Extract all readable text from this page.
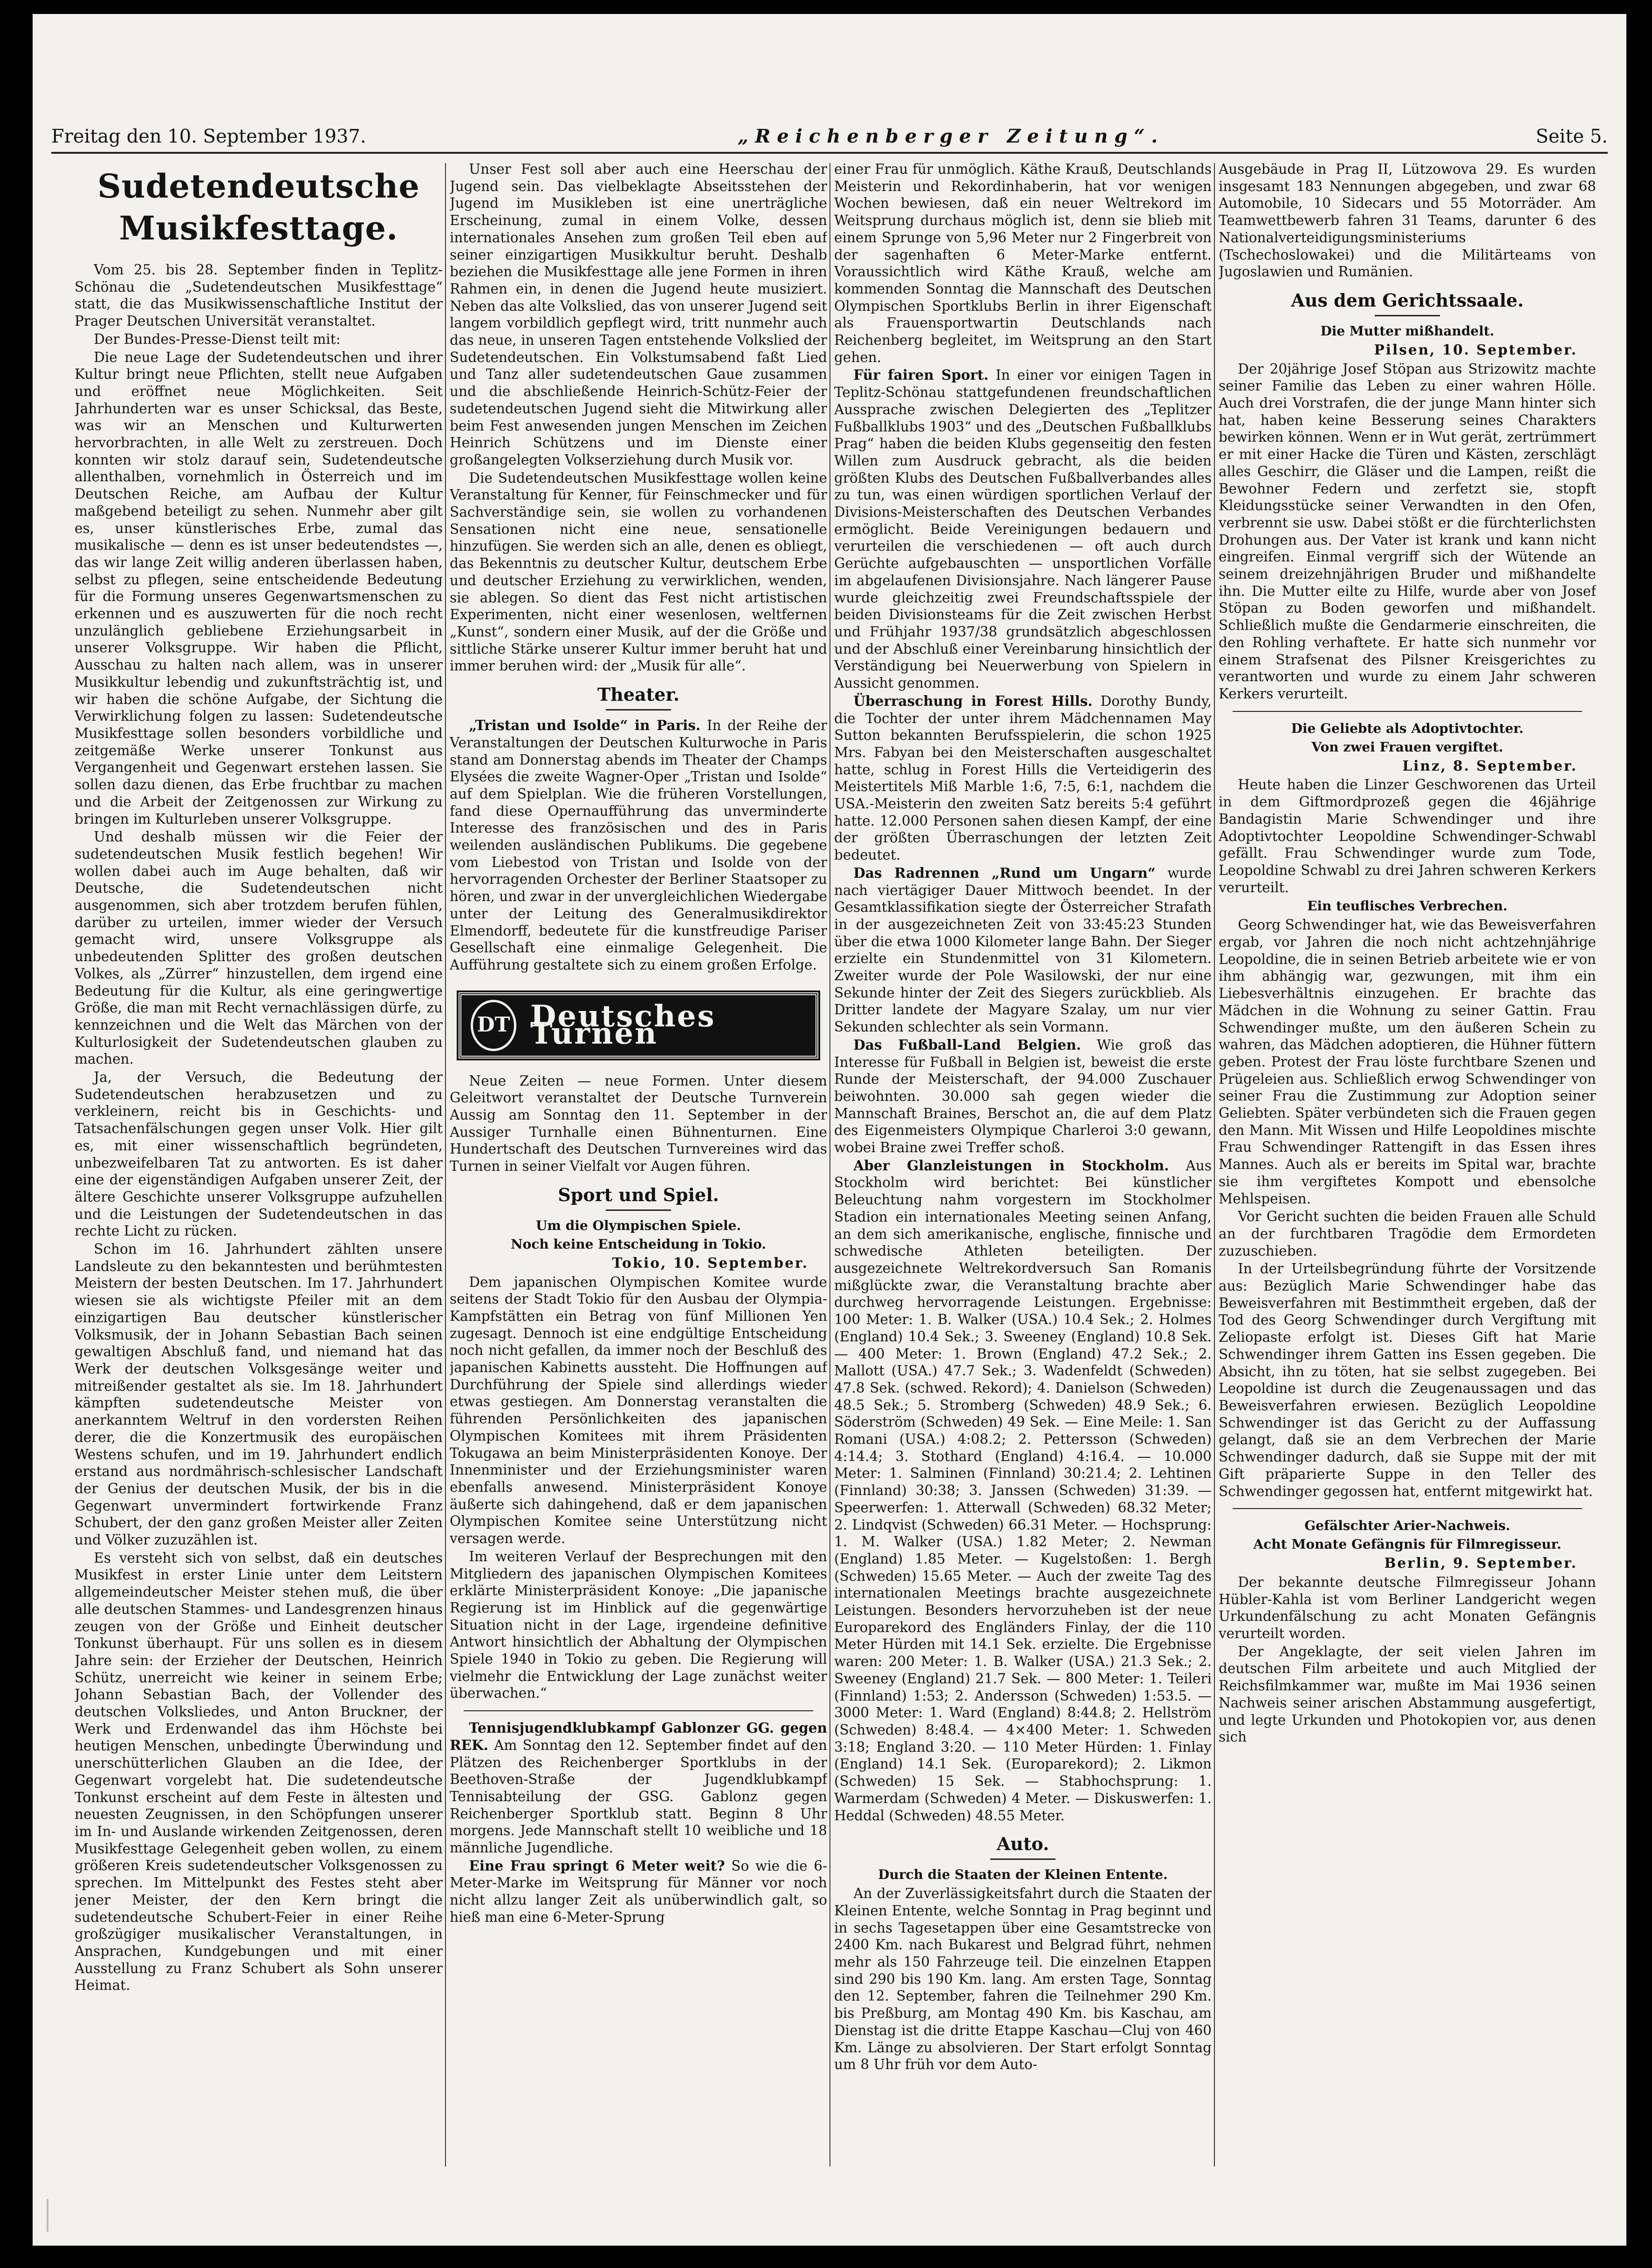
Freitag den 10. September 1937.	„Reichenberger Zeitung“.	Seite 5.
Sudetendeutsche Musikfesttage.

Vom 25. bis 28. September finden in Teplitz-Schönau die „Sudetendeutschen Musikfesttage“ statt, die das Musikwissenschaftliche Institut der Prager Deutschen Universität veranstaltet.

Der Bundes-Presse-Dienst teilt mit:

Die neue Lage der Sudetendeutschen und ihrer Kultur bringt neue Pflichten, stellt neue Aufgaben und eröffnet neue Möglichkeiten. Seit Jahrhunderten war es unser Schicksal, das Beste, was wir an Menschen und Kulturwerten hervorbrachten, in alle Welt zu zerstreuen. Doch konnten wir stolz darauf sein, Sudetendeutsche allenthalben, vornehmlich in Österreich und im Deutschen Reiche, am Aufbau der Kultur maßgebend beteiligt zu sehen. Nunmehr aber gilt es, unser künstlerisches Erbe, zumal das musikalische — denn es ist unser bedeutendstes —, das wir lange Zeit willig anderen überlassen haben, selbst zu pflegen, seine entscheidende Bedeutung für die Formung unseres Gegenwartsmenschen zu erkennen und es auszuwerten für die noch recht unzulänglich gebliebene Erziehungsarbeit in unserer Volksgruppe. Wir haben die Pflicht, Ausschau zu halten nach allem, was in unserer Musikkultur lebendig und zukunftsträchtig ist, und wir haben die schöne Aufgabe, der Sichtung die Verwirklichung folgen zu lassen: Sudetendeutsche Musikfesttage sollen besonders vorbildliche und zeitgemäße Werke unserer Tonkunst aus Vergangenheit und Gegenwart erstehen lassen. Sie sollen dazu dienen, das Erbe fruchtbar zu machen und die Arbeit der Zeitgenossen zur Wirkung zu bringen im Kulturleben unserer Volksgruppe.

Und deshalb müssen wir die Feier der sudetendeutschen Musik festlich begehen! Wir wollen dabei auch im Auge behalten, daß wir Deutsche, die Sudetendeutschen nicht ausgenommen, sich aber trotzdem berufen fühlen, darüber zu urteilen, immer wieder der Versuch gemacht wird, unsere Volksgruppe als unbedeutenden Splitter des großen deutschen Volkes, als „Zürrer“ hinzustellen, dem irgend eine Bedeutung für die Kultur, als eine geringwertige Größe, die man mit Recht vernachlässigen dürfe, zu kennzeichnen und die Welt das Märchen von der Kulturlosigkeit der Sudetendeutschen glauben zu machen.

Ja, der Versuch, die Bedeutung der Sudetendeutschen herabzusetzen und zu verkleinern, reicht bis in Geschichts- und Tatsachenfälschungen gegen unser Volk. Hier gilt es, mit einer wissenschaftlich begründeten, unbezweifelbaren Tat zu antworten. Es ist daher eine der eigenständigen Aufgaben unserer Zeit, der ältere Geschichte unserer Volksgruppe aufzuhellen und die Leistungen der Sudetendeutschen in das rechte Licht zu rücken.

Schon im 16. Jahrhundert zählten unsere Landsleute zu den bekanntesten und berühmtesten Meistern der besten Deutschen. Im 17. Jahrhundert wiesen sie als wichtigste Pfeiler mit an dem einzigartigen Bau deutscher künstlerischer Volksmusik, der in Johann Sebastian Bach seinen gewaltigen Abschluß fand, und niemand hat das Werk der deutschen Volksgesänge weiter und mitreißender gestaltet als sie. Im 18. Jahrhundert kämpften sudetendeutsche Meister von anerkanntem Weltruf in den vordersten Reihen derer, die die Konzertmusik des europäischen Westens schufen, und im 19. Jahrhundert endlich erstand aus nordmährisch-schlesischer Landschaft der Genius der deutschen Musik, der bis in die Gegenwart unvermindert fortwirkende Franz Schubert, der den ganz großen Meister aller Zeiten und Völker zuzuzählen ist.

Es versteht sich von selbst, daß ein deutsches Musikfest in erster Linie unter dem Leitstern allgemeindeutscher Meister stehen muß, die über alle deutschen Stammes- und Landesgrenzen hinaus zeugen von der Größe und Einheit deutscher Tonkunst überhaupt. Für uns sollen es in diesem Jahre sein: der Erzieher der Deutschen, Heinrich Schütz, unerreicht wie keiner in seinem Erbe; Johann Sebastian Bach, der Vollender des deutschen Volksliedes, und Anton Bruckner, der Werk und Erdenwandel das ihm Höchste bei heutigen Menschen, unbedingte Überwindung und unerschütterlichen Glauben an die Idee, der Gegenwart vorgelebt hat. Die sudetendeutsche Tonkunst erscheint auf dem Feste in ältesten und neuesten Zeugnissen, in den Schöpfungen unserer im In- und Auslande wirkenden Zeitgenossen, deren Musikfesttage Gelegenheit geben wollen, zu einem größeren Kreis sudetendeutscher Volksgenossen zu sprechen. Im Mittelpunkt des Festes steht aber jener Meister, der den Kern bringt die sudetendeutsche Schubert-Feier in einer Reihe großzügiger musikalischer Veranstaltungen, in Ansprachen, Kundgebungen und mit einer Ausstellung zu Franz Schubert als Sohn unserer Heimat.

Unser Fest soll aber auch eine Heerschau der Jugend sein. Das vielbeklagte Abseitsstehen der Jugend im Musikleben ist eine unerträgliche Erscheinung, zumal in einem Volke, dessen internationales Ansehen zum großen Teil eben auf seiner einzigartigen Musikkultur beruht. Deshalb beziehen die Musikfesttage alle jene Formen in ihren Rahmen ein, in denen die Jugend heute musiziert. Neben das alte Volkslied, das von unserer Jugend seit langem vorbildlich gepflegt wird, tritt nunmehr auch das neue, in unseren Tagen entstehende Volkslied der Sudetendeutschen. Ein Volkstumsabend faßt Lied und Tanz aller sudetendeutschen Gaue zusammen und die abschließende Heinrich-Schütz-Feier der sudetendeutschen Jugend sieht die Mitwirkung aller beim Fest anwesenden jungen Menschen im Zeichen Heinrich Schützens und im Dienste einer großangelegten Volkserziehung durch Musik vor.

Die Sudetendeutschen Musikfesttage wollen keine Veranstaltung für Kenner, für Feinschmecker und für Sachverständige sein, sie wollen zu vorhandenen Sensationen nicht eine neue, sensationelle hinzufügen. Sie werden sich an alle, denen es obliegt, das Bekenntnis zu deutscher Kultur, deutschem Erbe und deutscher Erziehung zu verwirklichen, wenden, sie ablegen. So dient das Fest nicht artistischen Experimenten, nicht einer wesenlosen, weltfernen „Kunst“, sondern einer Musik, auf der die Größe und sittliche Stärke unserer Kultur immer beruht hat und immer beruhen wird: der „Musik für alle“.

Theater.

„Tristan und Isolde“ in Paris. In der Reihe der Veranstaltungen der Deutschen Kulturwoche in Paris stand am Donnerstag abends im Theater der Champs Elysées die zweite Wagner-Oper „Tristan und Isolde“ auf dem Spielplan. Wie die früheren Vorstellungen, fand diese Opernaufführung das unverminderte Interesse des französischen und des in Paris weilenden ausländischen Publikums. Die gegebene vom Liebestod von Tristan und Isolde von der hervorragenden Orchester der Berliner Staatsoper zu hören, und zwar in der unvergleichlichen Wiedergabe unter der Leitung des Generalmusikdirektor Elmendorff, bedeutete für die kunstfreudige Pariser Gesellschaft eine einmalige Gelegenheit. Die Aufführung gestaltete sich zu einem großen Erfolge.

DT Deutsches Turnen

Neue Zeiten — neue Formen. Unter diesem Geleitwort veranstaltet der Deutsche Turnverein Aussig am Sonntag den 11. September in der Aussiger Turnhalle einen Bühnenturnen. Eine Hundertschaft des Deutschen Turnvereines wird das Turnen in seiner Vielfalt vor Augen führen.

Sport und Spiel.
Um die Olympischen Spiele.
Noch keine Entscheidung in Tokio.
Tokio, 10. September.

Dem japanischen Olympischen Komitee wurde seitens der Stadt Tokio für den Ausbau der Olympia-Kampfstätten ein Betrag von fünf Millionen Yen zugesagt. Dennoch ist eine endgültige Entscheidung noch nicht gefallen, da immer noch der Beschluß des japanischen Kabinetts aussteht. Die Hoffnungen auf Durchführung der Spiele sind allerdings wieder etwas gestiegen. Am Donnerstag veranstalten die führenden Persönlichkeiten des japanischen Olympischen Komitees mit ihrem Präsidenten Tokugawa an beim Ministerpräsidenten Konoye. Der Innenminister und der Erziehungsminister waren ebenfalls anwesend. Ministerpräsident Konoye äußerte sich dahingehend, daß er dem japanischen Olympischen Komitee seine Unterstützung nicht versagen werde.

Im weiteren Verlauf der Besprechungen mit den Mitgliedern des japanischen Olympischen Komitees erklärte Ministerpräsident Konoye: „Die japanische Regierung ist im Hinblick auf die gegenwärtige Situation nicht in der Lage, irgendeine definitive Antwort hinsichtlich der Abhaltung der Olympischen Spiele 1940 in Tokio zu geben. Die Regierung will vielmehr die Entwicklung der Lage zunächst weiter überwachen.“

Tennisjugendklubkampf Gablonzer GG. gegen REK. Am Sonntag den 12. September findet auf den Plätzen des Reichenberger Sportklubs in der Beethoven-Straße der Jugendklubkampf Tennisabteilung der GSG. Gablonz gegen Reichenberger Sportklub statt. Beginn 8 Uhr morgens. Jede Mannschaft stellt 10 weibliche und 18 männliche Jugendliche.

Eine Frau springt 6 Meter weit? So wie die 6-Meter-Marke im Weitsprung für Männer vor noch nicht allzu langer Zeit als unüberwindlich galt, so hieß man eine 6-Meter-Sprung

einer Frau für unmöglich. Käthe Krauß, Deutschlands Meisterin und Rekordinhaberin, hat vor wenigen Wochen bewiesen, daß ein neuer Weltrekord im Weitsprung durchaus möglich ist, denn sie blieb mit einem Sprunge von 5,96 Meter nur 2 Fingerbreit von der sagenhaften 6 Meter-Marke entfernt. Voraussichtlich wird Käthe Krauß, welche am kommenden Sonntag die Mannschaft des Deutschen Olympischen Sportklubs Berlin in ihrer Eigenschaft als Frauensportwartin Deutschlands nach Reichenberg begleitet, im Weitsprung an den Start gehen.

Für fairen Sport. In einer vor einigen Tagen in Teplitz-Schönau stattgefundenen freundschaftlichen Aussprache zwischen Delegierten des „Teplitzer Fußballklubs 1903“ und des „Deutschen Fußballklubs Prag“ haben die beiden Klubs gegenseitig den festen Willen zum Ausdruck gebracht, als die beiden größten Klubs des Deutschen Fußballverbandes alles zu tun, was einen würdigen sportlichen Verlauf der Divisions-Meisterschaften des Deutschen Verbandes ermöglicht. Beide Vereinigungen bedauern und verurteilen die verschiedenen — oft auch durch Gerüchte aufgebauschten — unsportlichen Vorfälle im abgelaufenen Divisionsjahre. Nach längerer Pause wurde gleichzeitig zwei Freundschaftsspiele der beiden Divisionsteams für die Zeit zwischen Herbst und Frühjahr 1937/38 grundsätzlich abgeschlossen und der Abschluß einer Vereinbarung hinsichtlich der Verständigung bei Neuerwerbung von Spielern in Aussicht genommen.

Überraschung in Forest Hills. Dorothy Bundy, die Tochter der unter ihrem Mädchennamen May Sutton bekannten Berufsspielerin, die schon 1925 Mrs. Fabyan bei den Meisterschaften ausgeschaltet hatte, schlug in Forest Hills die Verteidigerin des Meistertitels Miß Marble 1:6, 7:5, 6:1, nachdem die USA.-Meisterin den zweiten Satz bereits 5:4 geführt hatte. 12.000 Personen sahen diesen Kampf, der eine der größten Überraschungen der letzten Zeit bedeutet.

Das Radrennen „Rund um Ungarn“ wurde nach viertägiger Dauer Mittwoch beendet. In der Gesamtklassifikation siegte der Österreicher Strafath in der ausgezeichneten Zeit von 33:45:23 Stunden über die etwa 1000 Kilometer lange Bahn. Der Sieger erzielte ein Stundenmittel von 31 Kilometern. Zweiter wurde der Pole Wasilowski, der nur eine Sekunde hinter der Zeit des Siegers zurückblieb. Als Dritter landete der Magyare Szalay, um nur vier Sekunden schlechter als sein Vormann.

Das Fußball-Land Belgien. Wie groß das Interesse für Fußball in Belgien ist, beweist die erste Runde der Meisterschaft, der 94.000 Zuschauer beiwohnten. 30.000 sah gegen wieder die Mannschaft Braines, Berschot an, die auf dem Platz des Eigenmeisters Olympique Charleroi 3:0 gewann, wobei Braine zwei Treffer schoß.

Aber Glanzleistungen in Stockholm. Aus Stockholm wird berichtet: Bei künstlicher Beleuchtung nahm vorgestern im Stockholmer Stadion ein internationales Meeting seinen Anfang, an dem sich amerikanische, englische, finnische und schwedische Athleten beteiligten. Der ausgezeichnete Weltrekordversuch San Romanis mißglückte zwar, die Veranstaltung brachte aber durchweg hervorragende Leistungen. Ergebnisse: 100 Meter: 1. B. Walker (USA.) 10.4 Sek.; 2. Holmes (England) 10.4 Sek.; 3. Sweeney (England) 10.8 Sek. — 400 Meter: 1. Brown (England) 47.2 Sek.; 2. Mallott (USA.) 47.7 Sek.; 3. Wadenfeldt (Schweden) 47.8 Sek. (schwed. Rekord); 4. Danielson (Schweden) 48.5 Sek.; 5. Stromberg (Schweden) 48.9 Sek.; 6. Söderström (Schweden) 49 Sek. — Eine Meile: 1. San Romani (USA.) 4:08.2; 2. Pettersson (Schweden) 4:14.4; 3. Stothard (England) 4:16.4. — 10.000 Meter: 1. Salminen (Finnland) 30:21.4; 2. Lehtinen (Finnland) 30:38; 3. Janssen (Schweden) 31:39. — Speerwerfen: 1. Atterwall (Schweden) 68.32 Meter; 2. Lindqvist (Schweden) 66.31 Meter. — Hochsprung: 1. M. Walker (USA.) 1.82 Meter; 2. Newman (England) 1.85 Meter. — Kugelstoßen: 1. Bergh (Schweden) 15.65 Meter. — Auch der zweite Tag des internationalen Meetings brachte ausgezeichnete Leistungen. Besonders hervorzuheben ist der neue Europarekord des Engländers Finlay, der die 110 Meter Hürden mit 14.1 Sek. erzielte. Die Ergebnisse waren: 200 Meter: 1. B. Walker (USA.) 21.3 Sek.; 2. Sweeney (England) 21.7 Sek. — 800 Meter: 1. Teileri (Finnland) 1:53; 2. Andersson (Schweden) 1:53.5. — 3000 Meter: 1. Ward (England) 8:44.8; 2. Hellström (Schweden) 8:48.4. — 4×400 Meter: 1. Schweden 3:18; England 3:20. — 110 Meter Hürden: 1. Finlay (England) 14.1 Sek. (Europarekord); 2. Likmon (Schweden) 15 Sek. — Stabhochsprung: 1. Warmerdam (Schweden) 4 Meter. — Diskuswerfen: 1. Heddal (Schweden) 48.55 Meter.

Auto.
Durch die Staaten der Kleinen Entente.

An der Zuverlässigkeitsfahrt durch die Staaten der Kleinen Entente, welche Sonntag in Prag beginnt und in sechs Tagesetappen über eine Gesamtstrecke von 2400 Km. nach Bukarest und Belgrad führt, nehmen mehr als 150 Fahrzeuge teil. Die einzelnen Etappen sind 290 bis 190 Km. lang. Am ersten Tage, Sonntag den 12. September, fahren die Teilnehmer 290 Km. bis Preßburg, am Montag 490 Km. bis Kaschau, am Dienstag ist die dritte Etappe Kaschau—Cluj von 460 Km. Länge zu absolvieren. Der Start erfolgt Sonntag um 8 Uhr früh vor dem Auto-

Ausgebäude in Prag II, Lützowova 29. Es wurden insgesamt 183 Nennungen abgegeben, und zwar 68 Automobile, 10 Sidecars und 55 Motorräder. Am Teamwettbewerb fahren 31 Teams, darunter 6 des Nationalverteidigungsministeriums (Tschechoslowakei) und die Militärteams von Jugoslawien und Rumänien.

Aus dem Gerichtssaale.
Die Mutter mißhandelt.
Pilsen, 10. September.

Der 20jährige Josef Stöpan aus Strizowitz machte seiner Familie das Leben zu einer wahren Hölle. Auch drei Vorstrafen, die der junge Mann hinter sich hat, haben keine Besserung seines Charakters bewirken können. Wenn er in Wut gerät, zertrümmert er mit einer Hacke die Türen und Kästen, zerschlägt alles Geschirr, die Gläser und die Lampen, reißt die Bewohner Federn und zerfetzt sie, stopft Kleidungsstücke seiner Verwandten in den Ofen, verbrennt sie usw. Dabei stößt er die fürchterlichsten Drohungen aus. Der Vater ist krank und kann nicht eingreifen. Einmal vergriff sich der Wütende an seinem dreizehnjährigen Bruder und mißhandelte ihn. Die Mutter eilte zu Hilfe, wurde aber von Josef Stöpan zu Boden geworfen und mißhandelt. Schließlich mußte die Gendarmerie einschreiten, die den Rohling verhaftete. Er hatte sich nunmehr vor einem Strafsenat des Pilsner Kreisgerichtes zu verantworten und wurde zu einem Jahr schweren Kerkers verurteilt.

Die Geliebte als Adoptivtochter.
Von zwei Frauen vergiftet.
Linz, 8. September.

Heute haben die Linzer Geschworenen das Urteil in dem Giftmordprozeß gegen die 46jährige Bandagistin Marie Schwendinger und ihre Adoptivtochter Leopoldine Schwendinger-Schwabl gefällt. Frau Schwendinger wurde zum Tode, Leopoldine Schwabl zu drei Jahren schweren Kerkers verurteilt.

Ein teuflisches Verbrechen.

Georg Schwendinger hat, wie das Beweisverfahren ergab, vor Jahren die noch nicht achtzehnjährige Leopoldine, die in seinen Betrieb arbeitete wie er von ihm abhängig war, gezwungen, mit ihm ein Liebesverhältnis einzugehen. Er brachte das Mädchen in die Wohnung zu seiner Gattin. Frau Schwendinger mußte, um den äußeren Schein zu wahren, das Mädchen adoptieren, die Hühner füttern geben. Protest der Frau löste furchtbare Szenen und Prügeleien aus. Schließlich erwog Schwendinger von seiner Frau die Zustimmung zur Adoption seiner Geliebten. Später verbündeten sich die Frauen gegen den Mann. Mit Wissen und Hilfe Leopoldines mischte Frau Schwendinger Rattengift in das Essen ihres Mannes. Auch als er bereits im Spital war, brachte sie ihm vergiftetes Kompott und ebensolche Mehlspeisen.

Vor Gericht suchten die beiden Frauen alle Schuld an der furchtbaren Tragödie dem Ermordeten zuzuschieben.

In der Urteilsbegründung führte der Vorsitzende aus: Bezüglich Marie Schwendinger habe das Beweisverfahren mit Bestimmtheit ergeben, daß der Tod des Georg Schwendinger durch Vergiftung mit Zeliopaste erfolgt ist. Dieses Gift hat Marie Schwendinger ihrem Gatten ins Essen gegeben. Die Absicht, ihn zu töten, hat sie selbst zugegeben. Bei Leopoldine ist durch die Zeugenaussagen und das Beweisverfahren erwiesen. Bezüglich Leopoldine Schwendinger ist das Gericht zu der Auffassung gelangt, daß sie an dem Verbrechen der Marie Schwendinger dadurch, daß sie Suppe mit der mit Gift präparierte Suppe in den Teller des Schwendinger gegossen hat, entfernt mitgewirkt hat.

Gefälschter Arier-Nachweis.
Acht Monate Gefängnis für Filmregisseur.
Berlin, 9. September.

Der bekannte deutsche Filmregisseur Johann Hübler-Kahla ist vom Berliner Landgericht wegen Urkundenfälschung zu acht Monaten Gefängnis verurteilt worden.

Der Angeklagte, der seit vielen Jahren im deutschen Film arbeitete und auch Mitglied der Reichsfilmkammer war, mußte im Mai 1936 seinen Nachweis seiner arischen Abstammung ausgefertigt, und legte Urkunden und Photokopien vor, aus denen sich
